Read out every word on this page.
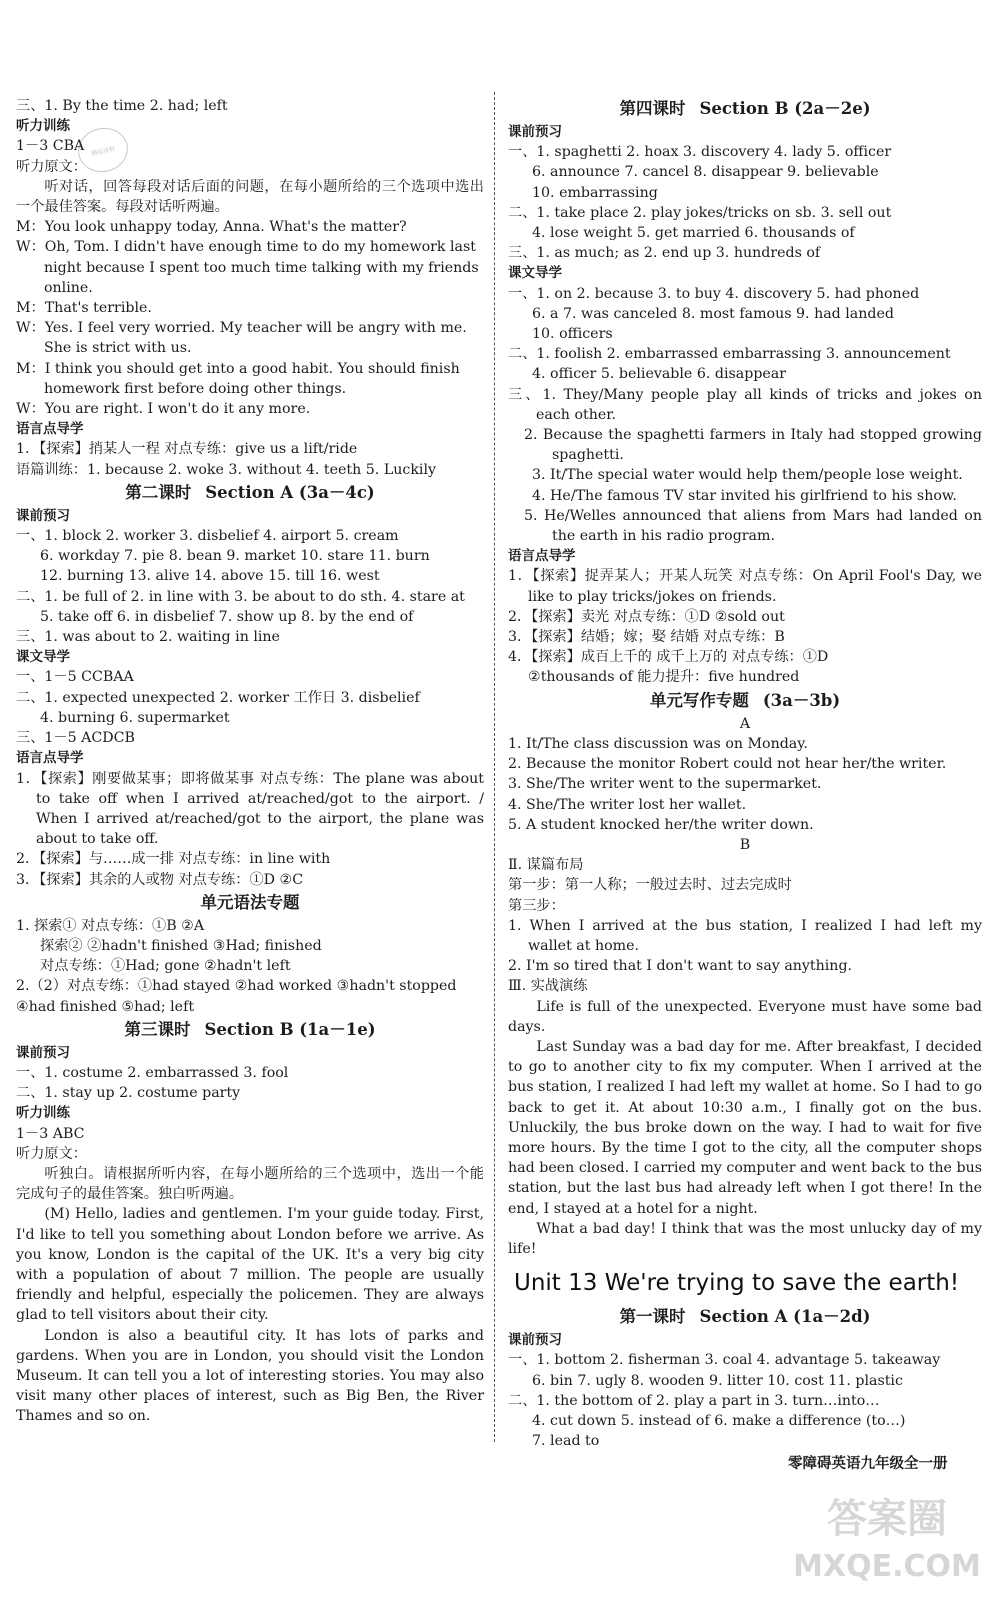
精品资料
三、1. By the time 2. had; left
听力训练
1－3 CBA
听力原文：
听对话，回答每段对话后面的问题，在每小题所给的三个选项中选出一个最佳答案。每段对话听两遍。
M：You look unhappy today, Anna. What's the matter?
W：Oh, Tom. I didn't have enough time to do my homework last night because I spent too much time talking with my friends online.
M：That's terrible.
W：Yes. I feel very worried. My teacher will be angry with me. She is strict with us.
M：I think you should get into a good habit. You should finish homework first before doing other things.
W：You are right. I won't do it any more.
语言点导学
1．【探索】捎某人一程 对点专练：give us a lift/ride
语篇训练：1. because 2. woke 3. without 4. teeth 5. Luckily
第二课时 Section A (3a－4c)
课前预习
一、1. block 2. worker 3. disbelief 4. airport 5. cream
6. workday 7. pie 8. bean 9. market 10. stare 11. burn
12. burning 13. alive 14. above 15. till 16. west
二、1. be full of 2. in line with 3. be about to do sth. 4. stare at
5. take off 6. in disbelief 7. show up 8. by the end of
三、1. was about to 2. waiting in line
课文导学
一、1－5 CCBAA
二、1. expected unexpected 2. worker 工作日 3. disbelief
4. burning 6. supermarket
三、1－5 ACDCB
语言点导学
1．【探索】刚要做某事；即将做某事 对点专练：The plane was about to take off when I arrived at/reached/got to the airport. / When I arrived at/reached/got to the airport, the plane was about to take off.
2．【探索】与……成一排 对点专练：in line with
3．【探索】其余的人或物 对点专练：①D ②C
单元语法专题
1. 探索① 对点专练：①B ②A
探索② ②hadn't finished ③Had; finished
对点专练：①Had; gone ②hadn't left
2.（2）对点专练：①had stayed ②had worked ③hadn't stopped
④had finished ⑤had; left
第三课时 Section B (1a－1e)
课前预习
一、1. costume 2. embarrassed 3. fool
二、1. stay up 2. costume party
听力训练
1－3 ABC
听力原文：
听独白。请根据所听内容，在每小题所给的三个选项中，选出一个能完成句子的最佳答案。独白听两遍。
(M) Hello, ladies and gentlemen. I'm your guide today. First, I'd like to tell you something about London before we arrive. As you know, London is the capital of the UK. It's a very big city with a population of about 7 million. The people are usually friendly and helpful, especially the policemen. They are always glad to tell visitors about their city.
London is also a beautiful city. It has lots of parks and gardens. When you are in London, you should visit the London Museum. It can tell you a lot of interesting stories. You may also visit many other places of interest, such as Big Ben, the River Thames and so on.
第四课时 Section B (2a－2e)
课前预习
一、1. spaghetti 2. hoax 3. discovery 4. lady 5. officer
6. announce 7. cancel 8. disappear 9. believable
10. embarrassing
二、1. take place 2. play jokes/tricks on sb. 3. sell out
4. lose weight 5. get married 6. thousands of
三、1. as much; as 2. end up 3. hundreds of
课文导学
一、1. on 2. because 3. to buy 4. discovery 5. had phoned
6. a 7. was canceled 8. most famous 9. had landed
10. officers
二、1. foolish 2. embarrassed embarrassing 3. announcement
4. officer 5. believable 6. disappear
三、1. They/Many people play all kinds of tricks and jokes on each other.
2. Because the spaghetti farmers in Italy had stopped growing spaghetti.
3. It/The special water would help them/people lose weight.
4. He/The famous TV star invited his girlfriend to his show.
5. He/Welles announced that aliens from Mars had landed on the earth in his radio program.
语言点导学
1．【探索】捉弄某人；开某人玩笑 对点专练：On April Fool's Day, we like to play tricks/jokes on friends.
2．【探索】卖光 对点专练：①D ②sold out
3．【探索】结婚；嫁；娶 结婚 对点专练：B
4．【探索】成百上千的 成千上万的 对点专练：①D
②thousands of 能力提升：five hundred
单元写作专题 (3a－3b)
A
1. It/The class discussion was on Monday.
2. Because the monitor Robert could not hear her/the writer.
3. She/The writer went to the supermarket.
4. She/The writer lost her wallet.
5. A student knocked her/the writer down.
B
Ⅱ. 谋篇布局
第一步：第一人称；一般过去时、过去完成时
第三步：
1. When I arrived at the bus station, I realized I had left my wallet at home.
2. I'm so tired that I don't want to say anything.
Ⅲ. 实战演练
Life is full of the unexpected. Everyone must have some bad days.
Last Sunday was a bad day for me. After breakfast, I decided to go to another city to fix my computer. When I arrived at the bus station, I realized I had left my wallet at home. So I had to go back to get it. At about 10:30 a.m., I finally got on the bus. Unluckily, the bus broke down on the way. I had to wait for five more hours. By the time I got to the city, all the computer shops had been closed. I carried my computer and went back to the bus station, but the last bus had already left when I got there! In the end, I stayed at a hotel for a night.
What a bad day! I think that was the most unlucky day of my life!
Unit 13 We're trying to save the earth!
第一课时 Section A (1a－2d)
课前预习
一、1. bottom 2. fisherman 3. coal 4. advantage 5. takeaway
6. bin 7. ugly 8. wooden 9. litter 10. cost 11. plastic
二、1. the bottom of 2. play a part in 3. turn…into…
4. cut down 5. instead of 6. make a difference (to…)
7. lead to
零障碍英语九年级全一册
答案圈
MXQE.COM
